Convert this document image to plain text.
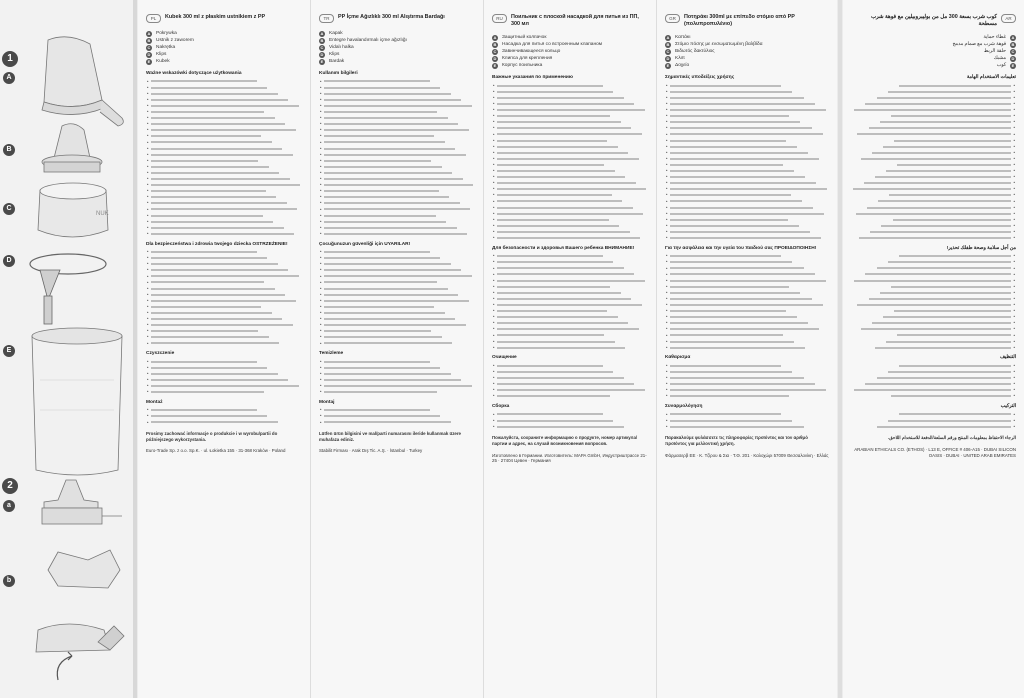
1
A
B
C
D
E
2
a
b
NUK
PL	Kubek 300 ml z płaskim ustnikiem z PP
A	Pokrywka
B	Ustnik z zaworem
C	Nakrętka
D	Klips
E	Kubek
Ważne wskazówki dotyczące użytkowania
•
•
•
•
•
•
•
•
•
•
•
•
•
•
•
•
•
•
•
•
•
•
•
•
•
•
Dla bezpieczeństwa i zdrowia twojego dziecka OSTRZEŻENIE!
•
•
•
•
•
•
•
•
•
•
•
•
•
•
•
•
Czyszczenie
•
•
•
•
•
•
Montaż
•
•
•
Prosimy zachować informacje o produkcie i w wyrobu/partii do późniejszego wykorzystania.
Euro-Trade Sp. z o.o. Sp.K. · ul. Łokietka 155 · 31-368 Kraków · Poland
TR	PP İçme Ağızlıklı 300 ml Alıştırma Bardağı
A	Kapak
B	Entegre havalandırmalı içme ağızlığı
C	Vidalı halka
D	Klips
E	Bardak
Kullanım bilgileri
•
•
•
•
•
•
•
•
•
•
•
•
•
•
•
•
•
•
•
•
•
•
•
•
•
•
Çocuğunuzun güvenliği için UYARILAR!
•
•
•
•
•
•
•
•
•
•
•
•
•
•
•
•
Temizleme
•
•
•
•
•
•
Montaj
•
•
•
Lütfen ürün bilgisini ve mal/parti numarasını ileride kullanmak üzere muhafaza ediniz.
Stabilit Firması · Arak Dış Tic. A.Ş. · İstanbul · Turkey
RU	Поильник с плоской насадкой для питья из ПП, 300 мл
A	Защитный колпачок
B	Насадка для питья со встроенным клапаном
C	Завинчивающееся кольцо
D	Клипса для крепления
E	Корпус поильника
Важные указания по применению
•
•
•
•
•
•
•
•
•
•
•
•
•
•
•
•
•
•
•
•
•
•
•
•
•
•
Для безопасности и здоровья Вашего ребенка ВНИМАНИЕ!
•
•
•
•
•
•
•
•
•
•
•
•
•
•
•
•
Очищение
•
•
•
•
•
•
Сборка
•
•
•
Пожалуйста, сохраните информацию о продукте, номер артикула/партии и адрес, на случай возникновения вопросов.
Изготовлено в Германии. Изготовитель: MAPA GmbH, Индустриштрассе 21-25 · 27404 Цевен · Германия
GR	Ποτηράκι 300ml με επίπεδο στόμιο από PP (πολυπροπυλένιο)
A	Καπάκι
B	Στόμιο πόσης με ενσωματωμένη βαλβίδα
C	Βιδωτός δακτύλιος
D	Κλιπ
E	Δοχείο
Σημαντικές υποδείξεις χρήσης
•
•
•
•
•
•
•
•
•
•
•
•
•
•
•
•
•
•
•
•
•
•
•
•
•
•
Για την ασφάλεια και την υγεία του παιδιού σας ΠΡΟΕΙΔΟΠΟΙΗΣΗ!
•
•
•
•
•
•
•
•
•
•
•
•
•
•
•
•
Καθαρισμα
•
•
•
•
•
•
Συναρμολόγηση
•
•
•
Παρακαλούμε φυλάσσετε τις πληροφορίες προϊόντος και τον αριθμό προϊόντος για μελλοντική χρήση.
Φάρμασερβ ΕΕ · Κ. Τζίρου & Σια · Τ.Θ. 201 · Καλοχώρι 57009 Θεσσαλονίκη · Ελλάς
AR
كوب شرب بسعة 300 مل من بوليبروبيلين مع فوهة شرب مسطحة
A
غطاء حماية
B
فوهة شرب مع صمام مدمج
C
حلقة الربط
D
مشبك
E
كوب
تعليمات الاستخدام الهامة
•
•
•
•
•
•
•
•
•
•
•
•
•
•
•
•
•
•
•
•
•
•
•
•
•
•
من أجل سلامة وصحة طفلك تحذير!
•
•
•
•
•
•
•
•
•
•
•
•
•
•
•
•
التنظيف
•
•
•
•
•
•
التركيب
•
•
•
الرجاء الاحتفاظ بمعلومات المنتج ورقم السلعة/الدفعة للاستخدام اللاحق.
ARABIAN ETHICALS CO. (ETHOS) · L13 E, OFFICE # 406-A15 · DUBAI SILICON OASIS · DUBAI · UNITED ARAB EMIRATES
